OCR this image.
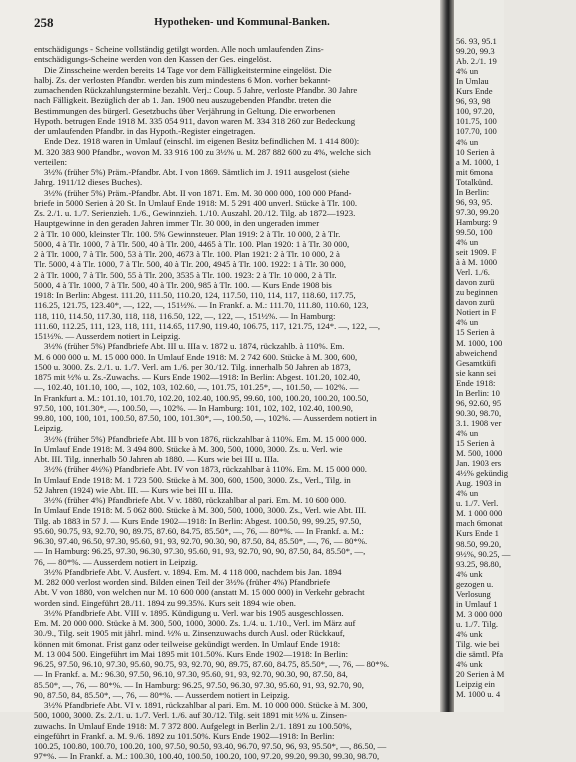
258	Hypotheken- und Kommunal-Banken.
entschädigungs - Scheine vollständig getilgt worden. Alle noch umlaufenden Zins-
entschädigungs-Scheine werden von den Kassen der Ges. eingelöst.
Die Zinsscheine werden bereits 14 Tage vor dem Fälligkeitstermine eingelöst. Die
halbj. Zs. der verlosten Pfandbr. werden bis zum mindestens 6 Mon. vorher bekannt-
zumachenden Rückzahlungstermine bezahlt. Verj.: Coup. 5 Jahre, verloste Pfandbr. 30 Jahre
nach Fälligkeit. Bezüglich der ab 1. Jan. 1900 neu auszugebenden Pfandbr. treten die
Bestimmungen des bürgerl. Gesetzbuchs über Verjährung in Geltung. Die erworbenen
Hypoth. betrugen Ende 1918 M. 335 054 911, davon waren M. 334 318 260 zur Bedeckung
der umlaufenden Pfandbr. in das Hypoth.-Register eingetragen.
Ende Dez. 1918 waren in Umlauf (einschl. im eigenen Besitz befindlichen M. 1 414 800):
M. 320 383 900 Pfandbr., wovon M. 33 916 100 zu 3½% u. M. 287 882 600 zu 4%, welche sich
verteilen:
3½% (früher 5%) Präm.-Pfandbr. Abt. I von 1869. Sämtlich im J. 1911 ausgelost (siehe
Jahrg. 1911/12 dieses Buches).
3½% (früher 5%) Präm.-Pfandbr. Abt. II von 1871. Em. M. 30 000 000, 100 000 Pfand-
briefe in 5000 Serien à 20 St. In Umlauf Ende 1918: M. 5 291 400 unverl. Stücke à Tlr. 100.
Zs. 2./1. u. 1./7. Serienzieh. 1./6., Gewinnzieh. 1./10. Auszahl. 20./12. Tilg. ab 1872—1923.
Hauptgewinne in den geraden Jahren immer Tlr. 30 000, in den ungeraden immer
2 à Tlr. 10 000, kleinster Tlr. 100. 5% Gewinnsteuer. Plan 1919: 2 à Tlr. 10 000, 2 à Tlr.
5000, 4 à Tlr. 1000, 7 à Tlr. 500, 40 à Tlr. 200, 4465 à Tlr. 100. Plan 1920: 1 à Tlr. 30 000,
2 à Tlr. 1000, 7 à Tlr. 500, 53 à Tlr. 200, 4673 à Tlr. 100. Plan 1921: 2 à Tlr. 10 000, 2 à
Tlr. 5000, 4 à Tlr. 1000, 7 à Tlr. 500, 40 à Tlr. 200, 4945 à Tlr. 100. 1922: 1 à Tlr. 30 000,
2 à Tlr. 1000, 7 à Tlr. 500, 55 à Tlr. 200, 3535 à Tlr. 100. 1923: 2 à Tlr. 10 000, 2 à Tlr.
5000, 4 à Tlr. 1000, 7 à Tlr. 500, 40 à Tlr. 200, 985 à Tlr. 100. — Kurs Ende 1908 bis
1918: In Berlin: Abgest. 111.20, 111.50, 110.20, 124, 117.50, 110, 114, 117, 118.60, 117.75,
116.25, 121.75, 123.40*, —, 122, —, 151½%. — In Frankf. a. M.: 111.70, 111.80, 110.60, 123,
118, 110, 114.50, 117.30, 118, 118, 116.50, 122, —, 122, —, 151½%. — In Hamburg:
111.60, 112.25, 111, 123, 118, 111, 114.65, 117.90, 119.40, 106.75, 117, 121.75, 124*. —, 122, —,
151½%. — Ausserdem notiert in Leipzig.
3½% (früher 5%) Pfandbriefe Abt. III u. IIIa v. 1872 u. 1874, rückzahlb. à 110%. Em.
M. 6 000 000 u. M. 15 000 000. In Umlauf Ende 1918: M. 2 742 600. Stücke à M. 300, 600,
1500 u. 3000. Zs. 2./1. u. 1./7. Verl. am 1./6. per 30./12. Tilg. innerhalb 50 Jahren ab 1873,
1875 mit ½% u. Zs.-Zuwachs. — Kurs Ende 1902—1918: In Berlin: Abgest. 101.20, 102.40,
—, 102.40, 101.10, 100, —, 102, 103, 102.60, —, 101.75, 101.25*, —, 101.50, — 102%. —
In Frankfurt a. M.: 101.10, 101.70, 102.20, 102.40, 100.95, 99.60, 100, 100.20, 100.20, 100.50,
97.50, 100, 101.30*, —, 100.50, —, 102%. — In Hamburg: 101, 102, 102, 102.40, 100.90,
99.80, 100, 100, 101, 100.50, 87.50, 100, 101.30*, —, 100.50, —, 102%. — Ausserdem notiert in
Leipzig.
3½% (früher 5%) Pfandbriefe Abt. III b von 1876, rückzahlbar à 110%. Em. M. 15 000 000.
In Umlauf Ende 1918: M. 3 494 800. Stücke à M. 300, 500, 1000, 3000. Zs. u. Verl. wie
Abt. III. Tilg. innerhalb 50 Jahren ab 1880. — Kurs wie bei III u. IIIa.
3½% (früher 4½%) Pfandbriefe Abt. IV von 1873, rückzahlbar à 110%. Em. M. 15 000 000.
In Umlauf Ende 1918: M. 1 723 500. Stücke à M. 300, 600, 1500, 3000. Zs., Verl., Tilg. in
52 Jahren (1924) wie Abt. III. — Kurs wie bei III u. IIIa.
3½% (früher 4%) Pfandbriefe Abt. V v. 1880, rückzahlbar al pari. Em. M. 10 600 000.
In Umlauf Ende 1918: M. 5 062 800. Stücke à M. 300, 500, 1000, 3000. Zs., Verl. wie Abt. III.
Tilg. ab 1883 in 57 J. — Kurs Ende 1902—1918: In Berlin: Abgest. 100.50, 99, 99.25, 97.50,
95.60, 90.75, 93, 92.70, 90, 89.75, 87.60, 84.75, 85.50*, —, 76, — 80*%. — In Frankf. a. M.:
96.30, 97.40, 96.50, 97.30, 95.60, 91, 93, 92.70, 90.30, 90, 87.50, 84, 85.50*, —, 76, — 80*%.
— In Hamburg: 96.25, 97.30, 96.30, 97.30, 95.60, 91, 93, 92.70, 90, 90, 87.50, 84, 85.50*, —,
76, — 80*%. — Ausserdem notiert in Leipzig.
3½% Pfandbriefe Abt. V. Ausfert. v. 1894. Em. M. 4 118 000, nachdem bis Jan. 1894
M. 282 000 verlost worden sind. Bilden einen Teil der 3½% (früher 4%) Pfandbriefe
Abt. V von 1880, von welchen nur M. 10 600 000 (anstatt M. 15 000 000) in Verkehr gebracht
worden sind. Eingeführt 28./11. 1894 zu 99.35%. Kurs seit 1894 wie oben.
3½% Pfandbriefe Abt. VIII v. 1895. Kündigung u. Verl. war bis 1905 ausgeschlossen.
Em. M. 20 000 000. Stücke à M. 300, 500, 1000, 3000. Zs. 1./4. u. 1./10., Verl. im März auf
30./9., Tilg. seit 1905 mit jährl. mind. ½% u. Zinsenzuwachs durch Ausl. oder Rückkauf,
können mit 6monat. Frist ganz oder teilweise gekündigt werden. In Umlauf Ende 1918:
M. 13 004 500. Eingeführt im Mai 1895 mit 101.50%. Kurs Ende 1902—1918: In Berlin:
96.25, 97.50, 96.10, 97.30, 95.60, 90.75, 93, 92.70, 90, 89.75, 87.60, 84.75, 85.50*, —, 76, — 80*%.
— In Frankf. a. M.: 96.30, 97.50, 96.10, 97.30, 95.60, 91, 93, 92.70, 90.30, 90, 87.50, 84,
85.50*, —, 76, — 80*%. — In Hamburg: 96.25, 97.50, 96.30, 97.30, 95.60, 91, 93, 92.70, 90,
90, 87.50, 84, 85.50*, —, 76, — 80*%. — Ausserdem notiert in Leipzig.
3½% Pfandbriefe Abt. VI v. 1891, rückzahlbar al pari. Em. M. 10 000 000. Stücke à M. 300,
500, 1000, 3000. Zs. 2./1. u. 1./7. Verl. 1./6. auf 30./12. Tilg. seit 1891 mit ½% u. Zinsen-
zuwachs. In Umlauf Ende 1918: M. 7 372 800. Aufgelegt in Berlin 2./1. 1891 zu 100.50%,
eingeführt in Frankf. a. M. 9./6. 1892 zu 101.50%. Kurs Ende 1902—1918: In Berlin:
100.25, 100.80, 100.70, 100.20, 100, 97.50, 90.50, 93.40, 96.70, 97.50, 96, 93, 95.50*, —, 86.50, —
97*%. — In Frankf. a. M.: 100.30, 100.40, 100.50, 100.20, 100, 97.20, 99.20, 99.30, 99.30, 98.70,
56. 93, 95.1
99.20, 99.3
Ab. 2./1. 19
4% un
In Umlau
Kurs Ende
96, 93, 98
100, 97.20,
101.75, 100
107.70, 100
4% un
10 Serien à
a M. 1000, 1
mit 6mona
Totalkünd.
In Berlin:
96, 93, 95.
97.30, 99.20
Hamburg: 9
99.50, 100
4% un
seit 1909. F
à à M. 1000
Verl. 1./6.
davon zurü
zu beginnen
davon zurü
Notiert in F
4% un
15 Serien à
M. 1000, 100
abweichend
Gesamtküfi
sie kann sei
Ende 1918:
In Berlin: 10
96, 92.60, 95
90.30, 98.70,
3.1. 1908 ver
4% un
15 Serien à
M. 500, 1000
Jan. 1903 ers
4½% gekündig
Aug. 1903 in
4% un
u. 1./7. Verl.
M. 1 000 000
mach 6monat
Kurs Ende 1
98.50, 99.20,
9½%, 90.25, —
93.25, 98.80,
4% unk
gezogen u.
Verlosung
in Umlauf 1
M. 3 000 000
u. 1./7. Tilg.
4% unk
Tilg. wie bei
die sämtl. Pfa
4% unk
20 Serien à M
Leipzig ein
M. 1000 u. 4
